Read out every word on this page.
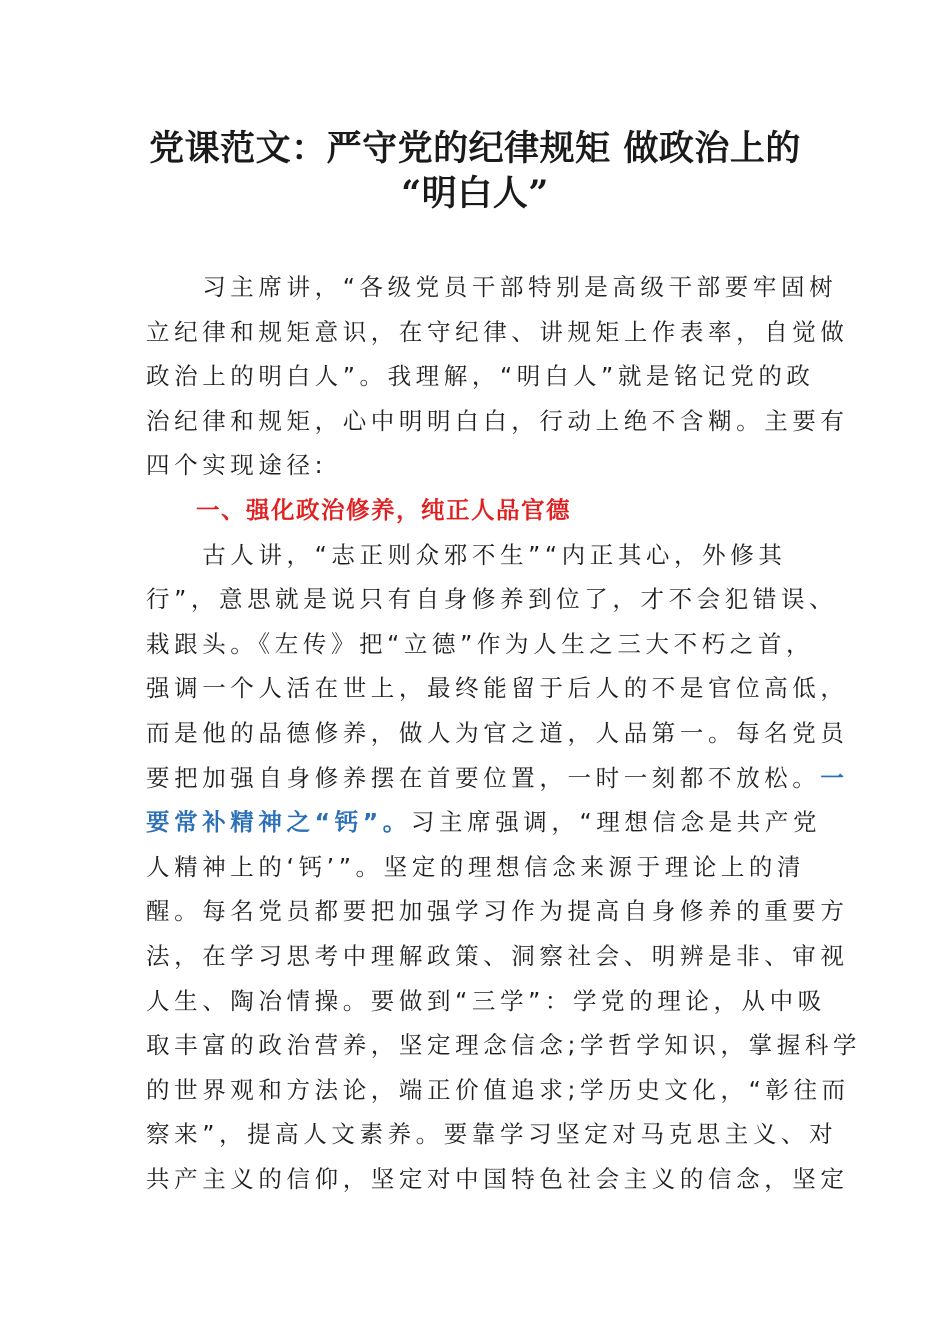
党课范文：严守党的纪律规矩 做政治上的
“明白人”
　　习主席讲，“各级党员干部特别是高级干部要牢固树
立纪律和规矩意识，在守纪律、讲规矩上作表率，自觉做
政治上的明白人”。我理解，“明白人”就是铭记党的政
治纪律和规矩，心中明明白白，行动上绝不含糊。主要有
四个实现途径:
　　一、强化政治修养，纯正人品官德
　　古人讲，“志正则众邪不生”“内正其心，外修其
行”，意思就是说只有自身修养到位了，才不会犯错误、
栽跟头。《左传》把“立德”作为人生之三大不朽之首，
强调一个人活在世上，最终能留于后人的不是官位高低，
而是他的品德修养，做人为官之道，人品第一。每名党员
要把加强自身修养摆在首要位置，一时一刻都不放松。一
要常补精神之“钙”。习主席强调，“理想信念是共产党
人精神上的‘钙’”。坚定的理想信念来源于理论上的清
醒。每名党员都要把加强学习作为提高自身修养的重要方
法，在学习思考中理解政策、洞察社会、明辨是非、审视
人生、陶冶情操。要做到“三学”：学党的理论，从中吸
取丰富的政治营养，坚定理念信念;学哲学知识，掌握科学
的世界观和方法论，端正价值追求;学历史文化，“彰往而
察来”，提高人文素养。要靠学习坚定对马克思主义、对
共产主义的信仰，坚定对中国特色社会主义的信念，坚定
